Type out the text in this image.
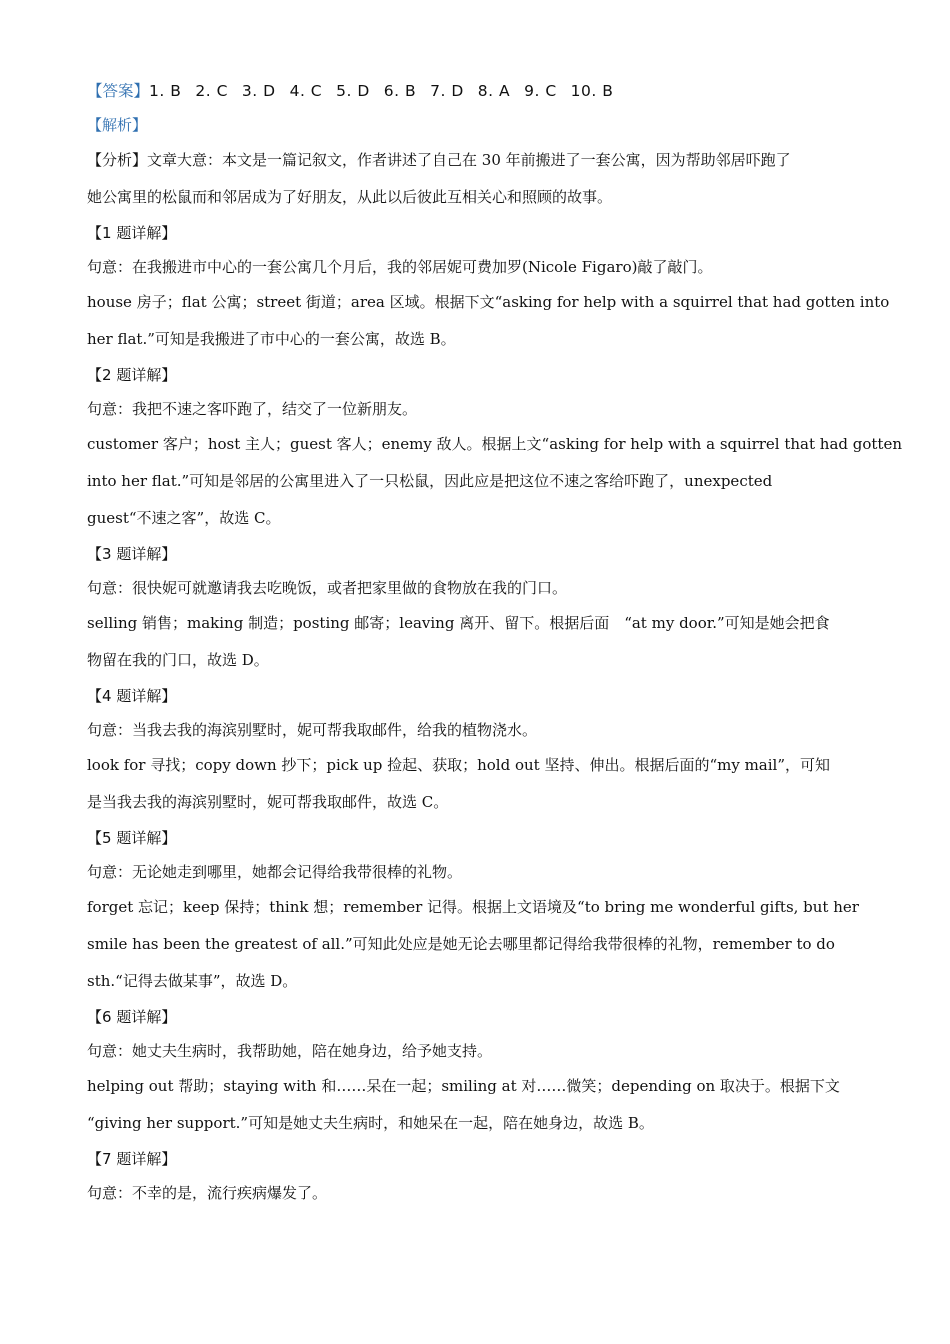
【答案】1. B 2. C 3. D 4. C 5. D 6. B 7. D 8. A 9. C 10. B
【解析】
【分析】文章大意：本文是一篇记叙文，作者讲述了自己在 30 年前搬进了一套公寓，因为帮助邻居吓跑了
她公寓里的松鼠而和邻居成为了好朋友，从此以后彼此互相关心和照顾的故事。
【1 题详解】
句意：在我搬进市中心的一套公寓几个月后，我的邻居妮可费加罗(Nicole Figaro)敲了敲门。
house 房子；flat 公寓；street 街道；area 区域。根据下文“asking for help with a squirrel that had gotten into
her flat.”可知是我搬进了市中心的一套公寓，故选 B。
【2 题详解】
句意：我把不速之客吓跑了，结交了一位新朋友。
customer 客户；host 主人；guest 客人；enemy 敌人。根据上文“asking for help with a squirrel that had gotten
into her flat.”可知是邻居的公寓里进入了一只松鼠，因此应是把这位不速之客给吓跑了，unexpected
guest“不速之客”，故选 C。
【3 题详解】
句意：很快妮可就邀请我去吃晚饭，或者把家里做的食物放在我的门口。
selling 销售；making 制造；posting 邮寄；leaving 离开、留下。根据后面　“at my door.”可知是她会把食
物留在我的门口，故选 D。
【4 题详解】
句意：当我去我的海滨别墅时，妮可帮我取邮件，给我的植物浇水。
look for 寻找；copy down 抄下；pick up 捡起、获取；hold out 坚持、伸出。根据后面的“my mail”，可知
是当我去我的海滨别墅时，妮可帮我取邮件，故选 C。
【5 题详解】
句意：无论她走到哪里，她都会记得给我带很棒的礼物。
forget 忘记；keep 保持；think 想；remember 记得。根据上文语境及“to bring me wonderful gifts, but her
smile has been the greatest of all.”可知此处应是她无论去哪里都记得给我带很棒的礼物，remember to do
sth.“记得去做某事”，故选 D。
【6 题详解】
句意：她丈夫生病时，我帮助她，陪在她身边，给予她支持。
helping out 帮助；staying with 和……呆在一起；smiling at 对……微笑；depending on 取决于。根据下文
“giving her support.”可知是她丈夫生病时，和她呆在一起，陪在她身边，故选 B。
【7 题详解】
句意：不幸的是，流行疾病爆发了。
